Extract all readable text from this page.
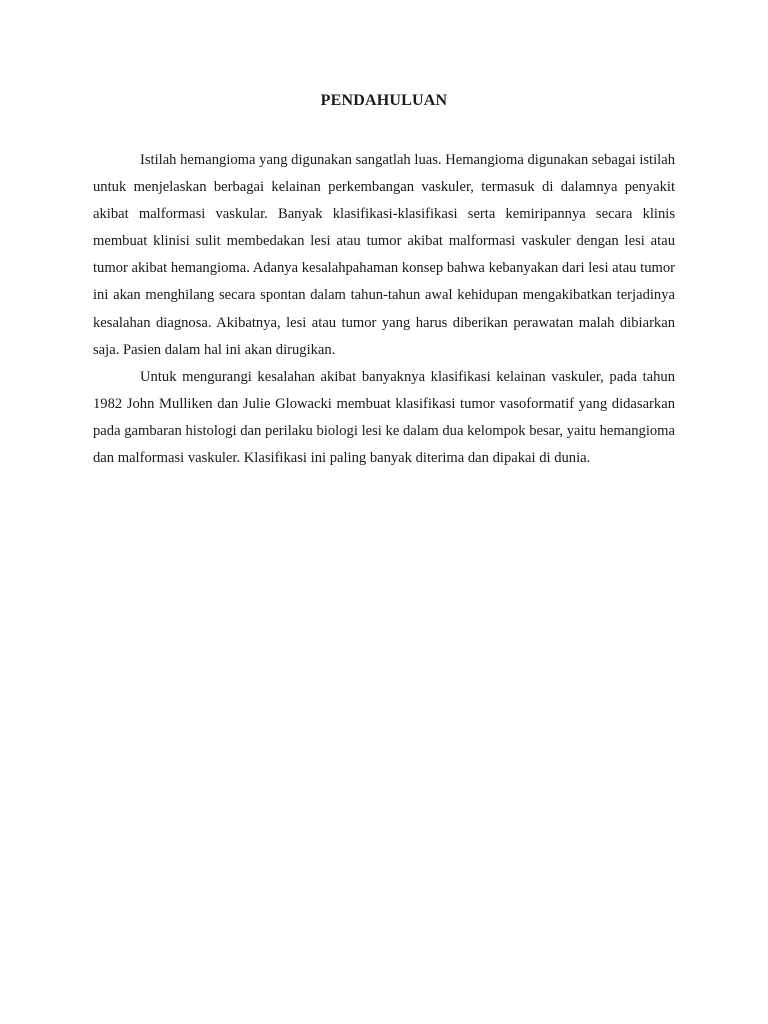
PENDAHULUAN

Istilah hemangioma yang digunakan sangatlah luas. Hemangioma digunakan sebagai istilah untuk menjelaskan berbagai kelainan perkembangan vaskuler, termasuk di dalamnya penyakit akibat malformasi vaskular. Banyak klasifikasi-klasifikasi serta kemiripannya secara klinis membuat klinisi sulit membedakan lesi atau tumor akibat malformasi vaskuler dengan lesi atau tumor akibat hemangioma. Adanya kesalahpahaman konsep bahwa kebanyakan dari lesi atau tumor ini akan menghilang secara spontan dalam tahun-tahun awal kehidupan mengakibatkan terjadinya kesalahan diagnosa. Akibatnya, lesi atau tumor yang harus diberikan perawatan malah dibiarkan saja. Pasien dalam hal ini akan dirugikan.

Untuk mengurangi kesalahan akibat banyaknya klasifikasi kelainan vaskuler, pada tahun 1982 John Mulliken dan Julie Glowacki membuat klasifikasi tumor vasoformatif yang didasarkan pada gambaran histologi dan perilaku biologi lesi ke dalam dua kelompok besar, yaitu hemangioma dan malformasi vaskuler. Klasifikasi ini paling banyak diterima dan dipakai di dunia.
